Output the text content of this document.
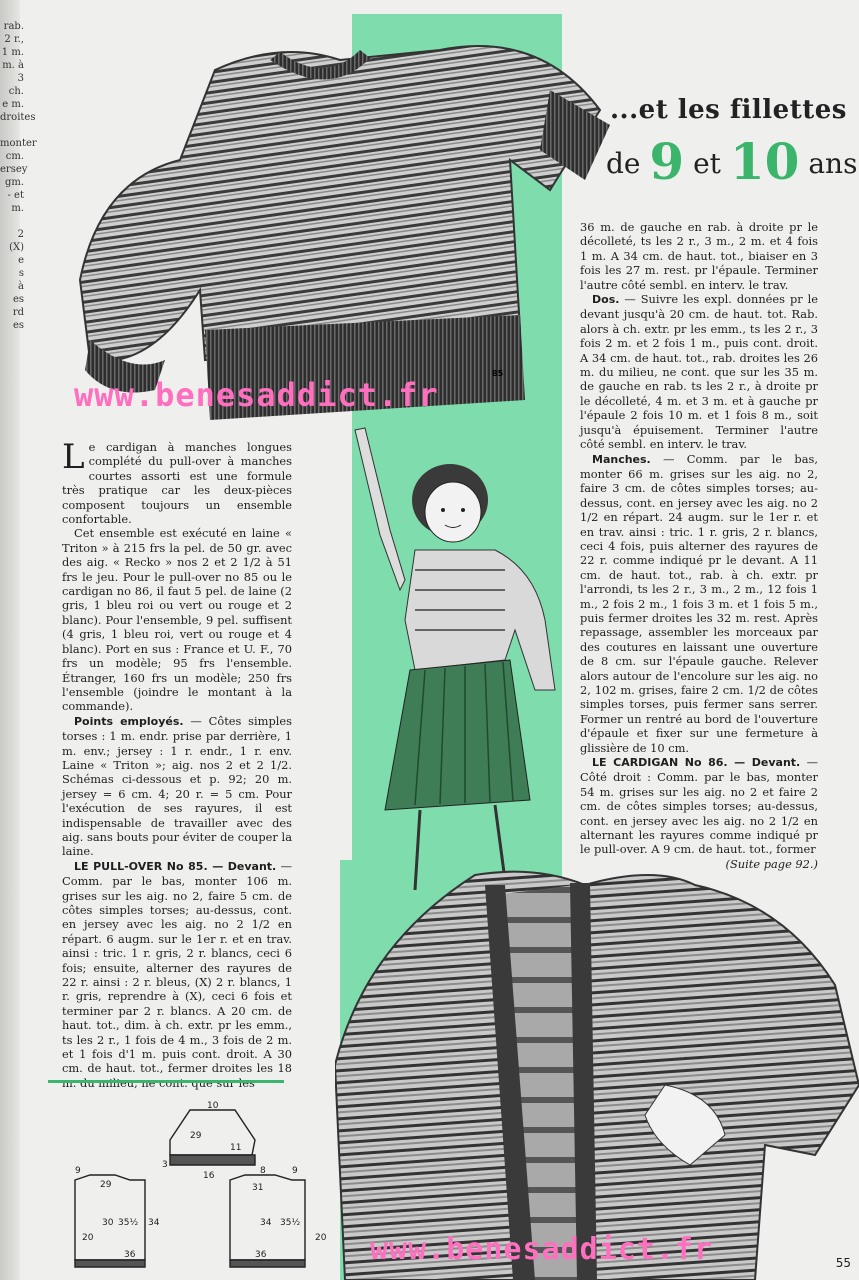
rab.
2 r.,
1 m.
m. à
3 ch.
e m.
droites

monter
cm.
ersey
gm.
- et
m.

2
(X)
e
s
à
es
rd
es
85
...et les fillettes
de 9 et 10 ans
www.benesaddict.fr
www.benesaddict.fr

Le cardigan à manches longues complété du pull-over à manches courtes assorti est une formule très pratique car les deux-pièces composent toujours un ensemble confortable.

Cet ensemble est exécuté en laine « Triton » à 215 frs la pel. de 50 gr. avec des aig. « Recko » nos 2 et 2 1/2 à 51 frs le jeu. Pour le pull-over no 85 ou le cardigan no 86, il faut 5 pel. de laine (2 gris, 1 bleu roi ou vert ou rouge et 2 blanc). Pour l'ensemble, 9 pel. suffisent (4 gris, 1 bleu roi, vert ou rouge et 4 blanc). Port en sus : France et U. F., 70 frs un modèle; 95 frs l'ensemble. Étranger, 160 frs un modèle; 250 frs l'ensemble (joindre le montant à la commande).

Points employés. — Côtes simples torses : 1 m. endr. prise par derrière, 1 m. env.; jersey : 1 r. endr., 1 r. env. Laine « Triton »; aig. nos 2 et 2 1/2. Schémas ci-dessous et p. 92; 20 m. jersey = 6 cm. 4; 20 r. = 5 cm. Pour l'exécution de ses rayures, il est indispensable de travailler avec des aig. sans bouts pour éviter de couper la laine.

LE PULL-OVER No 85. — Devant. — Comm. par le bas, monter 106 m. grises sur les aig. no 2, faire 5 cm. de côtes simples torses; au-dessus, cont. en jersey avec les aig. no 2 1/2 en répart. 6 augm. sur le 1er r. et en trav. ainsi : tric. 1 r. gris, 2 r. blancs, ceci 6 fois; ensuite, alterner des rayures de 22 r. ainsi : 2 r. bleus, (X) 2 r. blancs, 1 r. gris, reprendre à (X), ceci 6 fois et terminer par 2 r. blancs. A 20 cm. de haut. tot., dim. à ch. extr. pr les emm., ts les 2 r., 1 fois de 4 m., 3 fois de 2 m. et 1 fois d'1 m. puis cont. droit. A 30 cm. de haut. tot., fermer droites les 18

36 m. de gauche en rab. à droite pr le décolleté, ts les 2 r., 3 m., 2 m. et 4 fois 1 m. A 34 cm. de haut. tot., biaiser en 3 fois les 27 m. rest. pr l'épaule. Terminer l'autre côté sembl. en interv. le trav.

Dos. — Suivre les expl. données pr le devant jusqu'à 20 cm. de haut. tot. Rab. alors à ch. extr. pr les emm., ts les 2 r., 3 fois 2 m. et 2 fois 1 m., puis cont. droit. A 34 cm. de haut. tot., rab. droites les 26 m. du milieu, ne cont. que sur les 35 m. de gauche en rab. ts les 2 r., à droite pr le décolleté, 4 m. et 3 m. et à gauche pr l'épaule 2 fois 10 m. et 1 fois 8 m., soit jusqu'à épuisement. Terminer l'autre côté sembl. en interv. le trav.

Manches. — Comm. par le bas, monter 66 m. grises sur les aig. no 2, faire 3 cm. de côtes simples torses; au-dessus, cont. en jersey avec les aig. no 2 1/2 en répart. 24 augm. sur le 1er r. et en trav. ainsi : tric. 1 r. gris, 2 r. blancs, ceci 4 fois, puis alterner des rayures de 22 r. comme indiqué pr le devant. A 11 cm. de haut. tot., rab. à ch. extr. pr l'arrondi, ts les 2 r., 3 m., 2 m., 12 fois 1 m., 2 fois 2 m., 1 fois 3 m. et 1 fois 5 m., puis fermer droites les 32 m. rest. Après repassage, assembler les morceaux par des coutures en laissant une ouverture de 8 cm. sur l'épaule gauche. Relever alors autour de l'encolure sur les aig. no 2, 102 m. grises, faire 2 cm. 1/2 de côtes simples torses, puis fermer sans serrer. Former un rentré au bord de l'ouverture d'épaule et fixer sur une fermeture à glissière de 10 cm.

LE CARDIGAN No 86. — Devant. — Côté droit : Comm. par le bas, monter 54 m. grises sur les aig. no 2 et faire 2 cm. de côtes simples torses; au-dessus, cont. en jersey avec les aig. no 2 1/2 en alternant les rayures comme indiqué pr le pull-over. A 9 cm. de haut. tot., former

(Suite page 92.)

10
29
11
3
16
9
29
30 35½ 34
20
36
8	9
31
34 35½
20
36
55
